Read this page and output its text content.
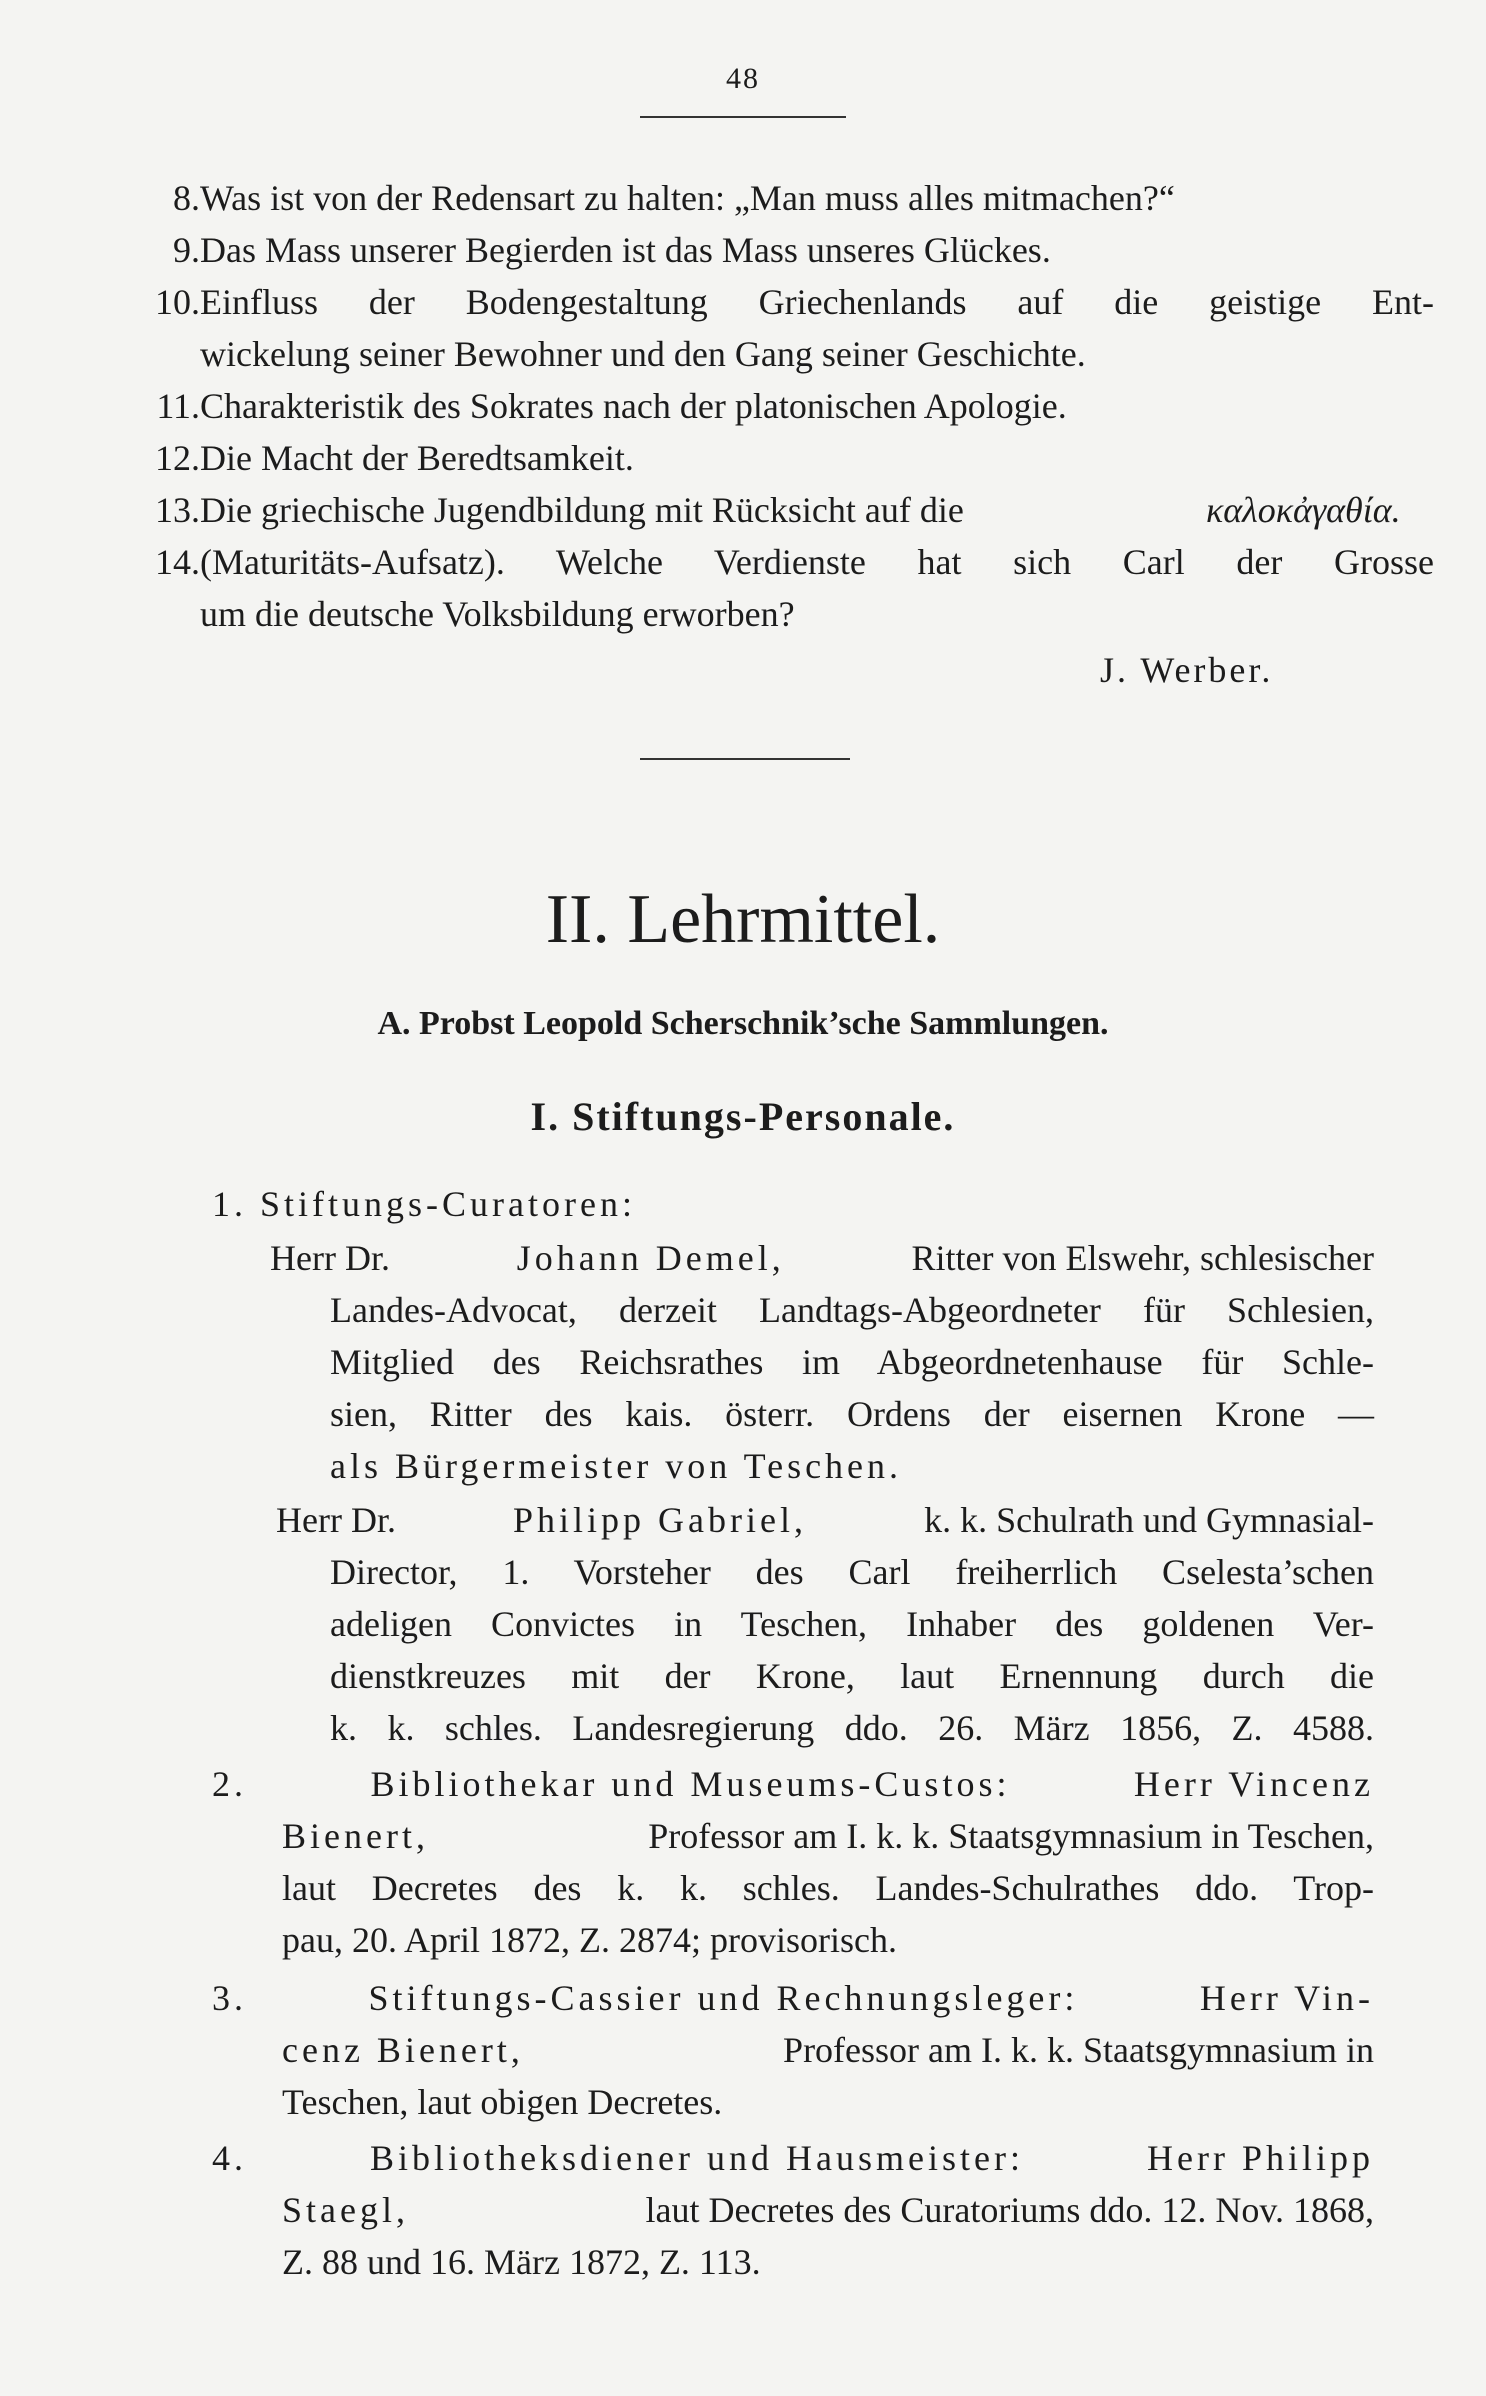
48
8. Was ist von der Redensart zu halten: „Man muss alles mitmachen?“
9. Das Mass unserer Begierden ist das Mass unseres Glückes.
10. Einfluss der Bodengestaltung Griechenlands auf die geistige Ent-
wickelung seiner Bewohner und den Gang seiner Geschichte.
11. Charakteristik des Sokrates nach der platonischen Apologie.
12. Die Macht der Beredtsamkeit.
13. Die griechische Jugendbildung mit Rücksicht auf die	καλοκἀγαθία.
14. (Maturitäts-Aufsatz). Welche Verdienste hat sich Carl der Grosse
um die deutsche Volksbildung erworben?
J. Werber.
II. Lehrmittel.
A. Probst Leopold Scherschnik’sche Sammlungen.
I. Stiftungs-Personale.
1. Stiftungs-Curatoren:
Herr Dr.	Johann Demel,	Ritter von Elswehr, schlesischer
Landes-Advocat, derzeit Landtags-Abgeordneter für Schlesien,
Mitglied des Reichsrathes im Abgeordnetenhause für Schle-
sien, Ritter des kais. österr. Ordens der eisernen Krone —
als Bürgermeister von Teschen.
Herr Dr.	Philipp Gabriel,	k. k. Schulrath und Gymnasial-
Director, 1. Vorsteher des Carl freiherrlich Cselesta’schen
adeligen Convictes in Teschen, Inhaber des goldenen Ver-
dienstkreuzes mit der Krone, laut Ernennung durch die
k. k. schles. Landesregierung ddo. 26. März 1856, Z. 4588.
2.	Bibliothekar und Museums-Custos:	Herr Vincenz
Bienert,	Professor am I. k. k. Staatsgymnasium in Teschen,
laut Decretes des k. k. schles. Landes-Schulrathes ddo. Trop-
pau, 20. April 1872, Z. 2874; provisorisch.
3.	Stiftungs-Cassier und Rechnungsleger:	Herr Vin-
cenz Bienert,	Professor am I. k. k. Staatsgymnasium in
Teschen, laut obigen Decretes.
4.	Bibliotheksdiener und Hausmeister:	Herr Philipp
Staegl,	laut Decretes des Curatoriums ddo. 12. Nov. 1868,
Z. 88 und 16. März 1872, Z. 113.
